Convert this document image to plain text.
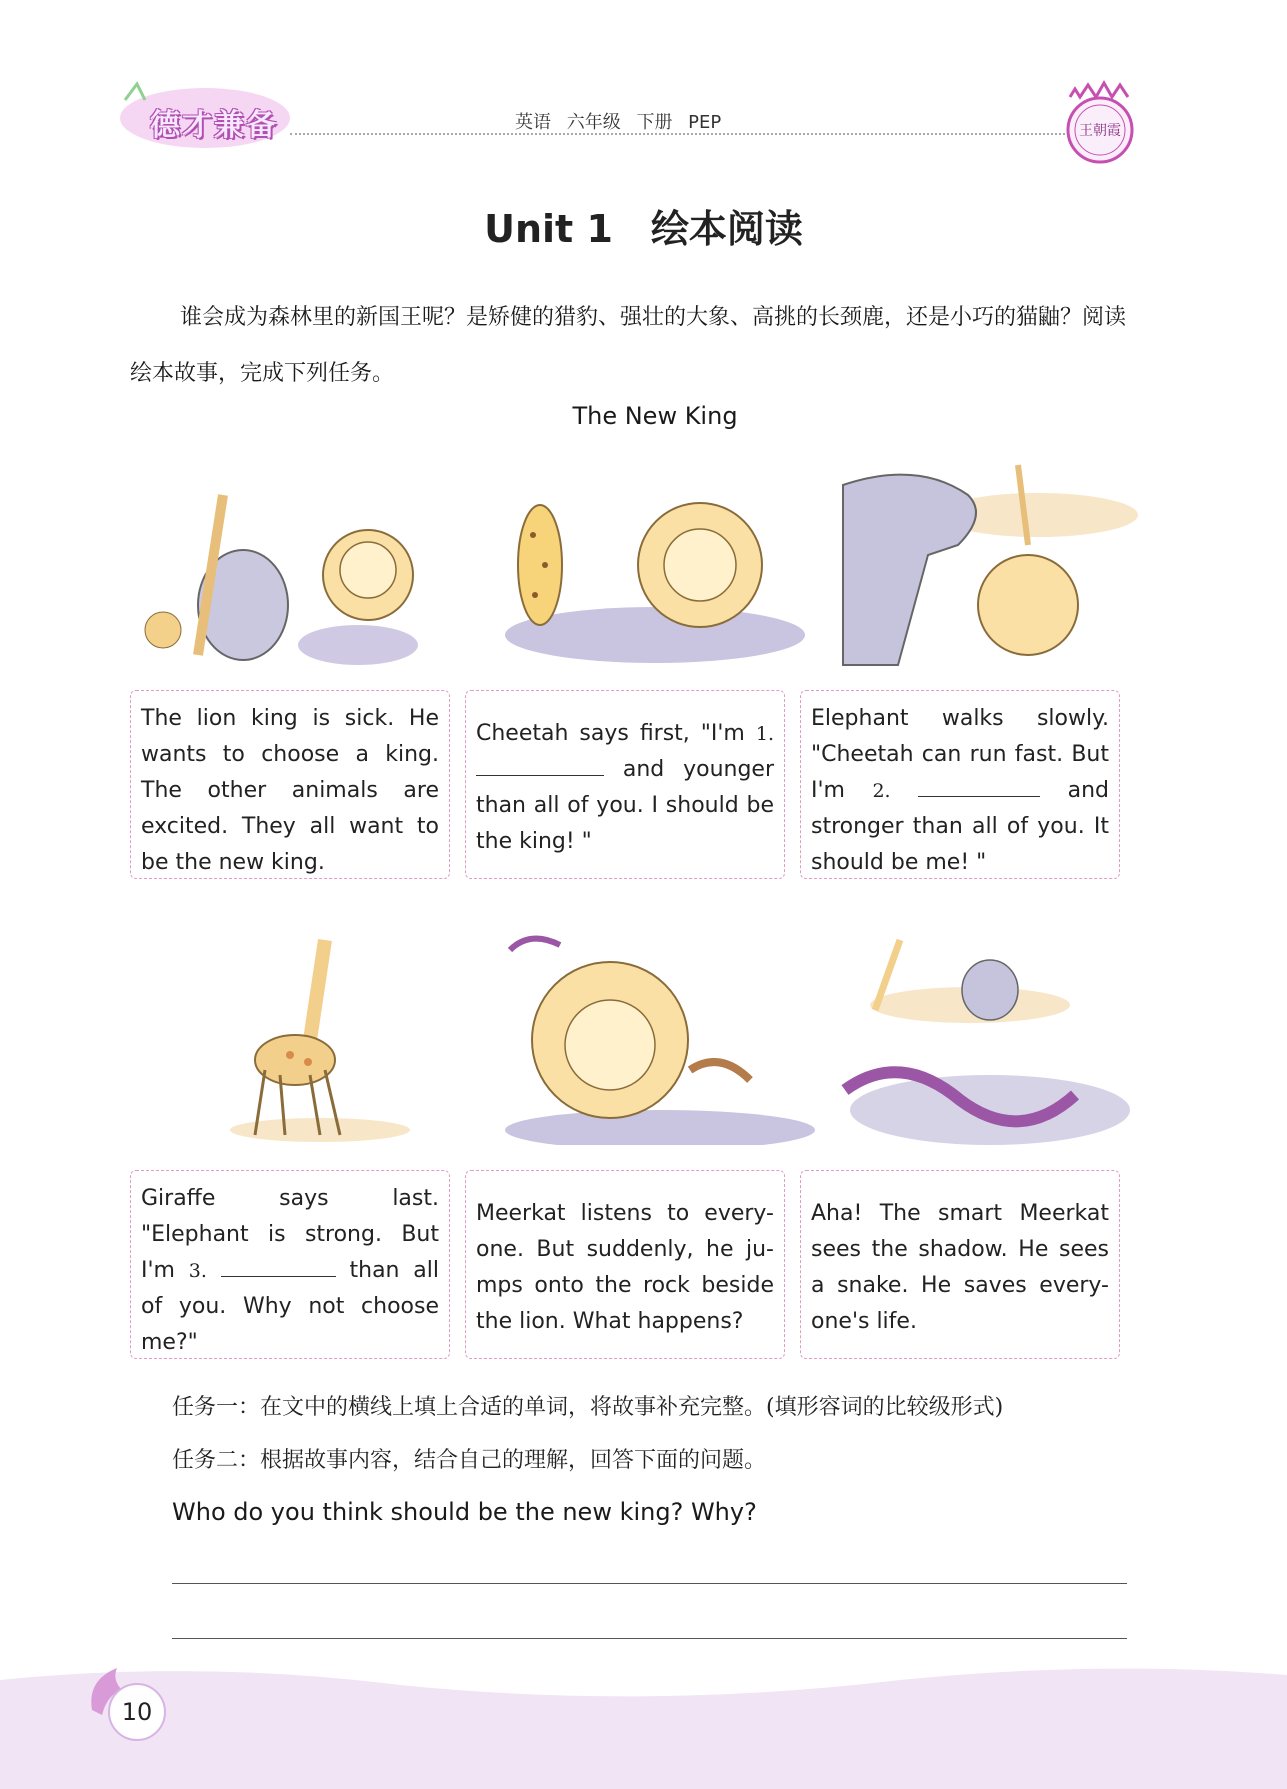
德才兼备	英语 六年级 下册 PEP	王朝霞
Unit 1　绘本阅读
谁会成为森林里的新国王呢？是矫健的猎豹、强壮的大象、高挑的长颈鹿，还是小巧的猫鼬？阅读绘本故事，完成下列任务。
The New King
The lion king is sick. He wants to choose a king. The other animals are excited. They all want to be the new king.
Cheetah says first, "I'm 1.  and younger than all of you. I should be the king! "
Elephant walks slowly. "Cheetah can run fast. But I'm 2.	and stronger than all of you. It should be me! "
Giraffe says last. "Elephant is strong. But I'm 3.	than all of you. Why not choose me?"
Meerkat listens to every-one. But suddenly, he ju-mps onto the rock beside the lion. What happens?
Aha! The smart Meerkat sees the shadow. He sees a snake. He saves every-one's life.
任务一：在文中的横线上填上合适的单词，将故事补充完整。(填形容词的比较级形式)
任务二：根据故事内容，结合自己的理解，回答下面的问题。
Who do you think should be the new king? Why?
10
